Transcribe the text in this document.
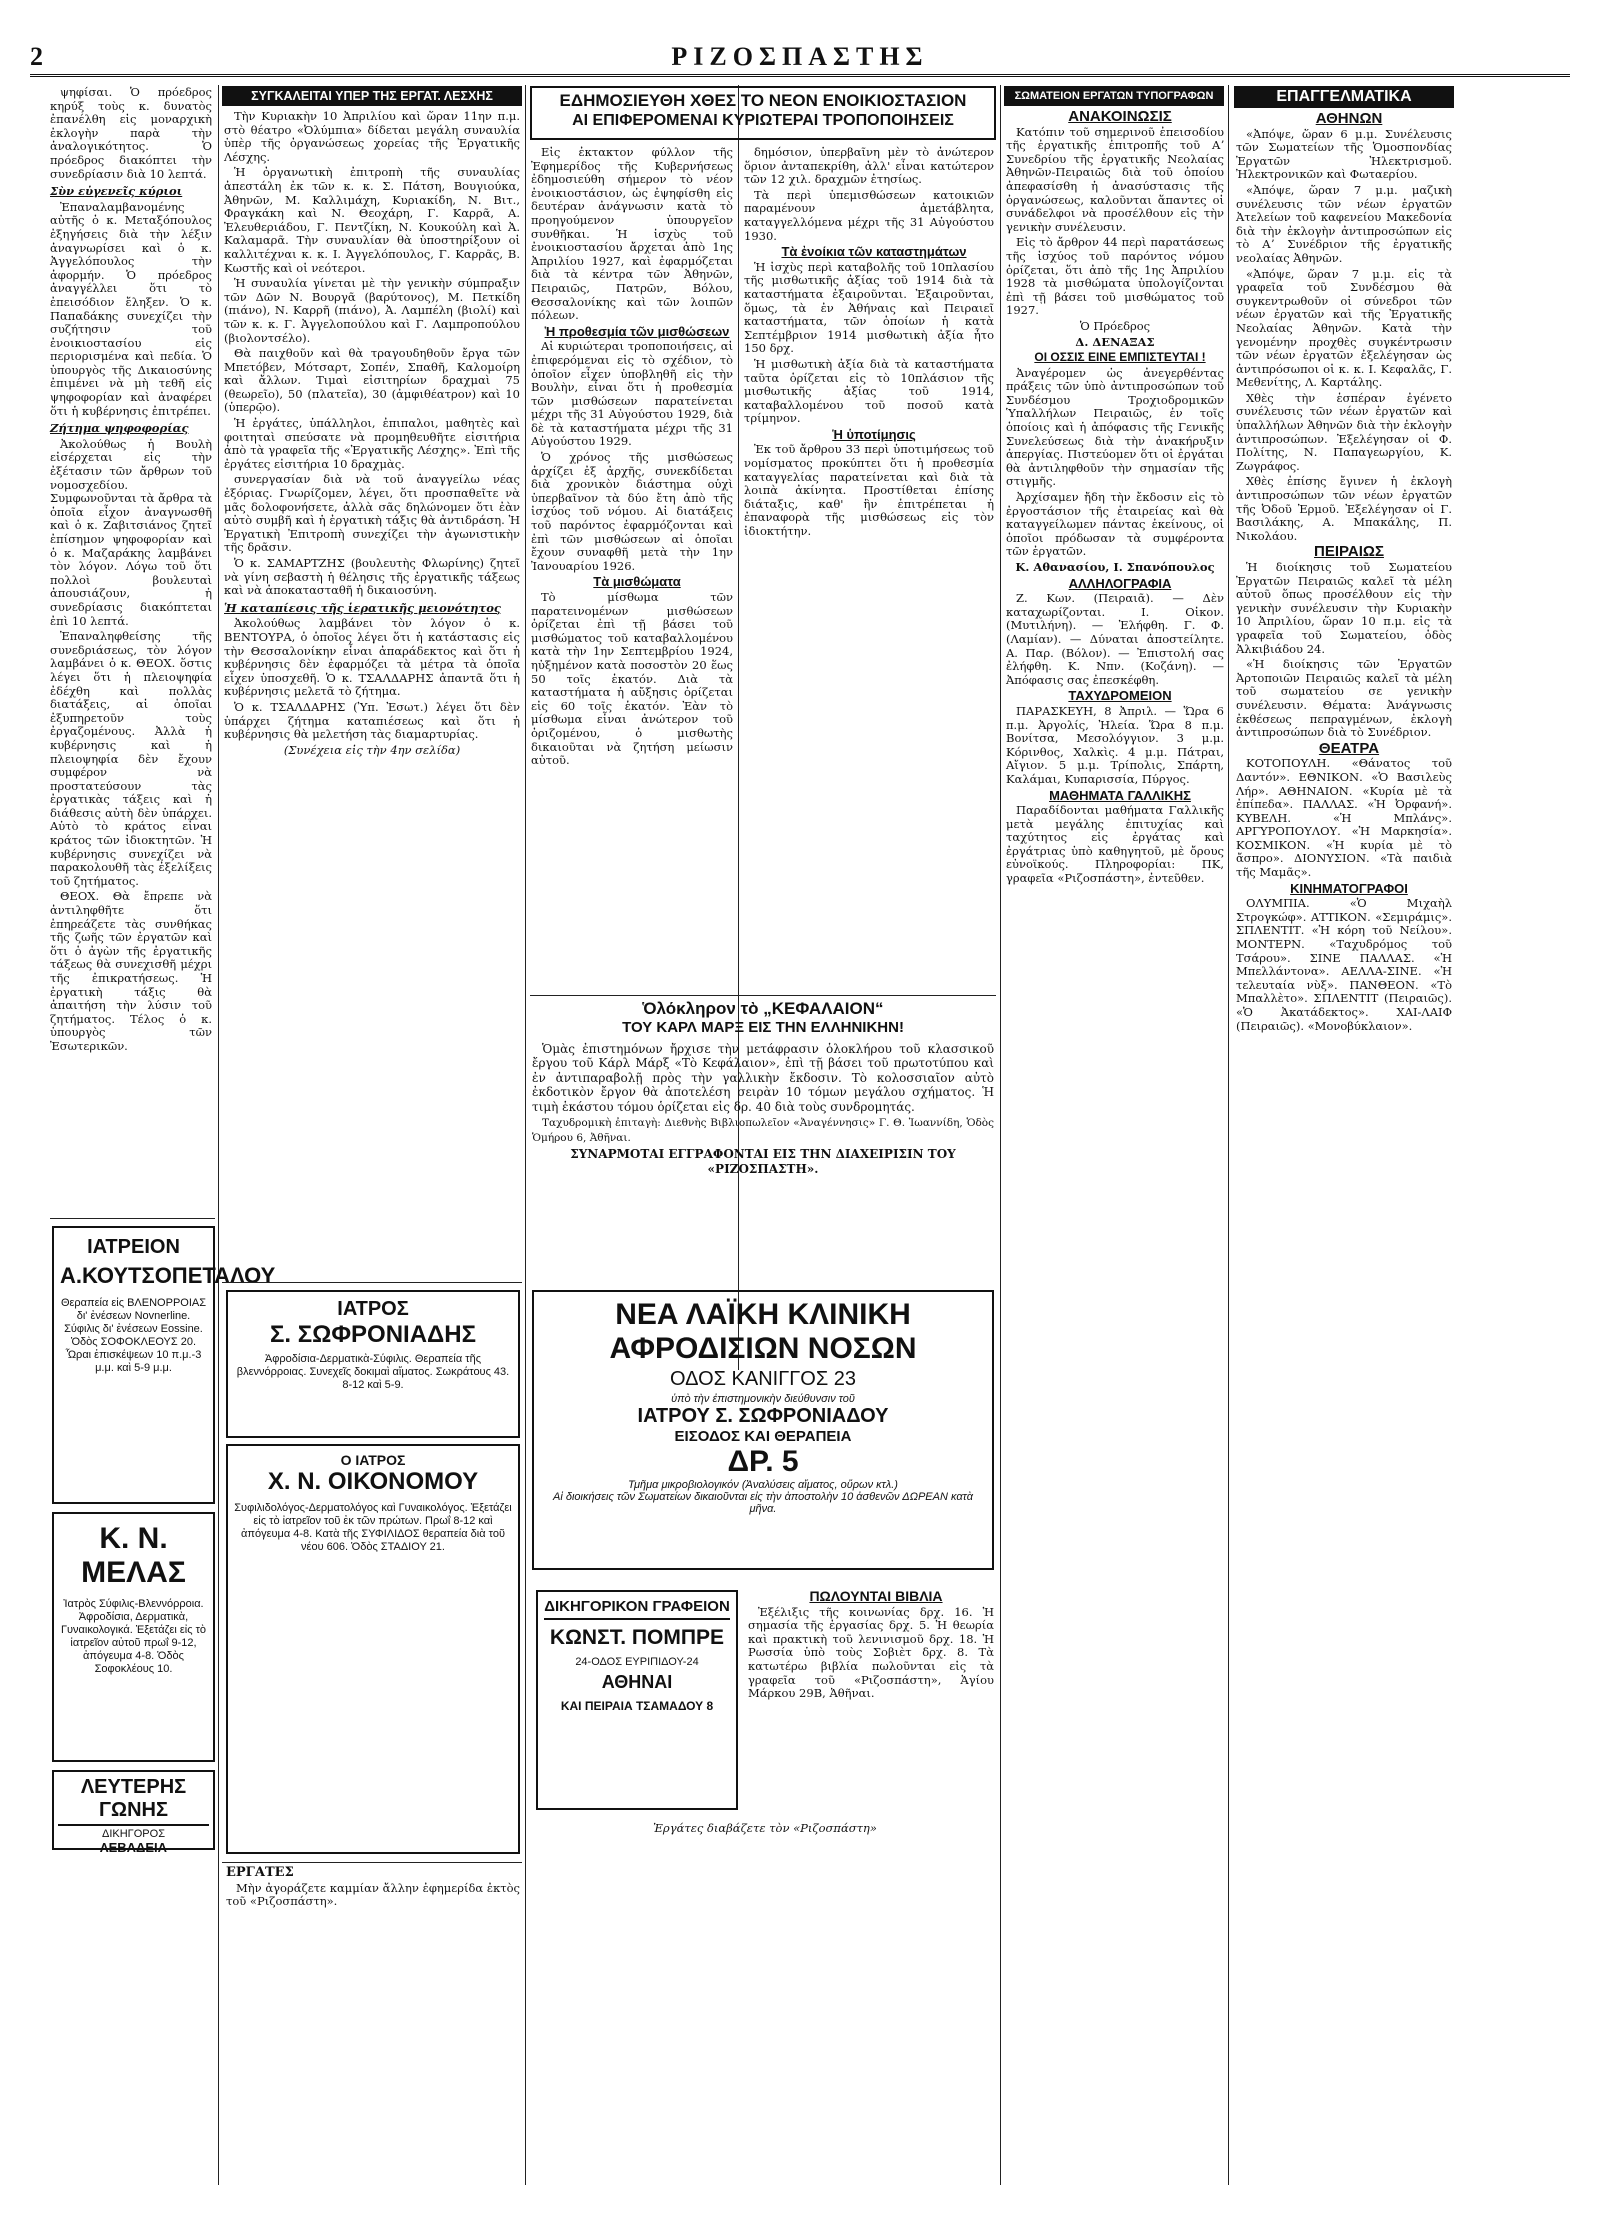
2	ΡΙΖΟΣΠΑΣΤΗΣ

ψηφίσαι. Ὁ πρόεδρος κηρύξ τοὺς κ. δυνατὸς ἐπανέλθη εἰς μοναρχικὴ ἐκλογὴν παρὰ τὴν ἀναλογικότητος. Ὁ πρόεδρος διακόπτει τὴν συνεδρίασιν διὰ 10 λεπτά.

Σὺν εὐγενεῖς κύριοι

Ἐπαναλαμβανομένης αὐτῆς ὁ κ. Μεταξόπουλος ἐξηγήσεις διὰ τὴν λέξιν ἀναγνωρίσει καὶ ὁ κ. Ἀγγελόπουλος τὴν ἀφορμήν. Ὁ πρόεδρος ἀναγγέλλει ὅτι τὸ ἐπεισόδιον ἔληξεν. Ὁ κ. Παπαδάκης συνεχίζει τὴν συζήτησιν τοῦ ἐνοικιοστασίου εἰς περιορισμένα καὶ πεδία. Ὁ ὑπουργὸς τῆς Δικαιοσύνης ἐπιμένει νὰ μὴ τεθῆ εἰς ψηφοφορίαν καὶ ἀναφέρει ὅτι ἡ κυβέρνησις ἐπιτρέπει.

Ζήτημα ψηφοφορίας

Ἀκολούθως ἡ Βουλὴ εἰσέρχεται εἰς τὴν ἐξέτασιν τῶν ἄρθρων τοῦ νομοσχεδίου. Συμφωνοῦνται τὰ ἄρθρα τὰ ὁποῖα εἶχον ἀναγνωσθῆ καὶ ὁ κ. Ζαβιτσιάνος ζητεῖ ἐπίσημον ψηφοφορίαν καὶ ὁ κ. Μαζαράκης λαμβάνει τὸν λόγον. Λόγω τοῦ ὅτι πολλοὶ βουλευταὶ ἀπουσιάζουν, ἡ συνεδρίασις διακόπτεται ἐπὶ 10 λεπτά.

Ἐπαναληφθείσης τῆς συνεδριάσεως, τὸν λόγον λαμβάνει ὁ κ. ΘΕΟΧ. ὅστις λέγει ὅτι ἡ πλειοψηφία ἐδέχθη καὶ πολλὰς διατάξεις, αἱ ὁποῖαι ἐξυπηρετοῦν τοὺς ἐργαζομένους. Ἀλλὰ ἡ κυβέρνησις καὶ ἡ πλειοψηφία δὲν ἔχουν συμφέρον νὰ προστατεύσουν τὰς ἐργατικὰς τάξεις καὶ ἡ διάθεσις αὐτὴ δὲν ὑπάρχει. Αὐτὸ τὸ κράτος εἶναι κράτος τῶν ἰδιοκτητῶν. Ἡ κυβέρνησις συνεχίζει νὰ παρακολουθῆ τὰς ἐξελίξεις τοῦ ζητήματος.

ΘΕΟΧ. Θὰ ἔπρεπε νὰ ἀντιληφθῆτε ὅτι ἐπηρεάζετε τὰς συνθήκας τῆς ζωῆς τῶν ἐργατῶν καὶ ὅτι ὁ ἀγὼν τῆς ἐργατικῆς τάξεως θὰ συνεχισθῆ μέχρι τῆς ἐπικρατήσεως. Ἡ ἐργατικὴ τάξις θὰ ἀπαιτήση τὴν λύσιν τοῦ ζητήματος. Τέλος ὁ κ. ὑπουργὸς τῶν Ἐσωτερικῶν.

ΙΑΤΡΕΙΟΝ
Α.ΚΟΥΤΣΟΠΕΤΑΛΟΥ
Θεραπεία εἰς ΒΛΕΝΟΡΡΟΙΑΣ δι' ἐνέσεων Novnerline. Σύφιλις δι' ἐνέσεων Eossine. Ὁδὸς ΣΟΦΟΚΛΕΟΥΣ 20. Ὧραι ἐπισκέψεων 10 π.μ.-3 μ.μ. καὶ 5-9 μ.μ.
Κ. Ν. ΜΕΛΑΣ
Ἰατρὸς Σύφιλις-Βλεννόρροια. Ἀφροδίσια, Δερματικὰ, Γυναικολογικά. Ἐξετάζει εἰς τὸ ἰατρεῖον αὐτοῦ πρωΐ 9-12, ἀπόγευμα 4-8. Ὁδὸς Σοφοκλέους 10.
ΛΕΥΤΕΡΗΣ ΓΩΝΗΣ
ΔΙΚΗΓΟΡΟΣ
ΛΕΒΑΔΕΙΑ
ΣΥΓΚΑΛΕΙΤΑΙ ΥΠΕΡ ΤΗΣ ΕΡΓΑΤ. ΛΕΣΧΗΣ

Τὴν Κυριακὴν 10 Ἀπριλίου καὶ ὥραν 11ην π.μ. στὸ θέατρο «Ὀλύμπια» δίδεται μεγάλη συναυλία ὑπὲρ τῆς ὀργανώσεως χορείας τῆς Ἐργατικῆς Λέσχης.

Ἡ ὀργανωτικὴ ἐπιτροπὴ τῆς συναυλίας ἀπεστάλη ἐκ τῶν κ. κ. Σ. Πάτση, Βουγιούκα, Ἀθηνῶν, Μ. Καλλιμάχη, Κυριακίδη, Ν. Βιτ., Φραγκάκη καὶ Ν. Θεοχάρη, Γ. Καρρᾶ, Α. Ἐλευθεριάδου, Γ. Πεντζίκη, Ν. Κουκούλη καὶ Ἀ. Καλαμαρᾶ. Τὴν συναυλίαν θὰ ὑποστηρίξουν οἱ καλλιτέχναι κ. κ. Ι. Ἀγγελόπουλος, Γ. Καρρᾶς, Β. Κωστῆς καὶ οἱ νεότεροι.

Ἡ συναυλία γίνεται μὲ τὴν γενικὴν σύμπραξιν τῶν Δῶν Ν. Βουργᾶ (βαρύτονος), Μ. Πετκίδη (πιάνο), Ν. Καρρῆ (πιάνο), Ἀ. Λαμπέλη (βιολί) καὶ τῶν κ. κ. Γ. Ἀγγελοπούλου καὶ Γ. Λαμπροπούλου (βιολοντσέλο).

Θὰ παιχθοῦν καὶ θὰ τραγουδηθοῦν ἔργα τῶν Μπετόβεν, Μότσαρτ, Σοπέν, Σπαθῆ, Καλομοίρη καὶ ἄλλων. Τιμαὶ εἰσιτηρίων δραχμαὶ 75 (θεωρεῖο), 50 (πλατεῖα), 30 (ἀμφιθέατρον) καὶ 10 (ὑπερῷο).

Ἡ ἐργάτες, ὑπάλληλοι, ἐπιπαλοι, μαθητὲς καὶ φοιτηταὶ σπεύσατε νὰ προμηθευθῆτε εἰσιτήρια ἀπὸ τὰ γραφεῖα τῆς «Ἐργατικῆς Λέσχης». Ἐπὶ τῆς ἐργάτες εἰσιτήρια 10 δραχμὰς.

συνεργασίαν διὰ νὰ τοῦ ἀναγγείλω νέας ἐξόριας. Γνωρίζομεν, λέγει, ὅτι προσπαθεῖτε νὰ μᾶς δολοφονήσετε, ἀλλὰ σᾶς δηλώνομεν ὅτι ἐὰν αὐτὸ συμβῆ καὶ ἡ ἐργατικὴ τάξις θὰ ἀντιδράση. Ἡ Ἐργατικὴ Ἐπιτροπὴ συνεχίζει τὴν ἀγωνιστικὴν τῆς δρᾶσιν.

Ὁ κ. ΣΑΜΑΡΤΖΗΣ (βουλευτὴς Φλωρίνης) ζητεῖ νὰ γίνη σεβαστὴ ἡ θέλησις τῆς ἐργατικῆς τάξεως καὶ νὰ ἀποκατασταθῆ ἡ δικαιοσύνη.

Ἡ καταπίεσις τῆς ἱερατικῆς μειονότητος

Ἀκολούθως λαμβάνει τὸν λόγον ὁ κ. ΒΕΝΤΟΥΡΑ, ὁ ὁποῖος λέγει ὅτι ἡ κατάστασις εἰς τὴν Θεσσαλονίκην εἶναι ἀπαράδεκτος καὶ ὅτι ἡ κυβέρνησις δὲν ἐφαρμόζει τὰ μέτρα τὰ ὁποῖα εἶχεν ὑποσχεθῆ. Ὁ κ. ΤΣΑΛΔΑΡΗΣ ἀπαντᾶ ὅτι ἡ κυβέρνησις μελετᾶ τὸ ζήτημα.

Ὁ κ. ΤΣΑΛΔΑΡΗΣ (Ὑπ. Ἐσωτ.) λέγει ὅτι δὲν ὑπάρχει ζήτημα καταπιέσεως καὶ ὅτι ἡ κυβέρνησις θὰ μελετήση τὰς διαμαρτυρίας.

(Συνέχεια εἰς τὴν 4ην σελίδα)

ΙΑΤΡΟΣ
Σ. ΣΩΦΡΟΝΙΑΔΗΣ
Ἀφροδίσια-Δερματικὰ-Σύφιλις. Θεραπεία τῆς βλεννόρροιας. Συνεχεῖς δοκιμαὶ αἵματος. Σωκράτους 43. 8-12 καὶ 5-9.
Ο ΙΑΤΡΟΣ
Χ. Ν. ΟΙΚΟΝΟΜΟΥ
Συφιλιδολόγος-Δερματολόγος καὶ Γυναικολόγος. Ἐξετάζει εἰς τὸ ἰατρεῖον τοῦ ἐκ τῶν πρώτων. Πρωΐ 8-12 καὶ ἀπόγευμα 4-8. Κατὰ τῆς ΣΥΦΙΛΙΔΟΣ θεραπεία διὰ τοῦ νέου 606. Ὁδὸς ΣΤΑΔΙΟΥ 21.

ΕΡΓΑΤΕΣ

Μὴν ἀγοράζετε καμμίαν ἄλλην ἐφημερίδα ἐκτὸς τοῦ «Ριζοσπάστη».

ΕΔΗΜΟΣΙΕΥΘΗ ΧΘΕΣ ΤΟ ΝΕΟΝ ΕΝΟΙΚΙΟΣΤΑΣΙΟΝ
ΑΙ ΕΠΙΦΕΡΟΜΕΝΑΙ ΚΥΡΙΩΤΕΡΑΙ ΤΡΟΠΟΠΟΙΗΣΕΙΣ

Εἰς ἐκτακτον φύλλον τῆς Ἐφημερίδος τῆς Κυβερνήσεως ἐδημοσιεύθη σήμερον τὸ νέον ἐνοικιοστάσιον, ὡς ἐψηφίσθη εἰς δευτέραν ἀνάγνωσιν κατὰ τὸ προηγούμενον ὑπουργεῖον συνθῆκαι. Ἡ ἰσχὺς τοῦ ἐνοικιοστασίου ἄρχεται ἀπὸ 1ης Ἀπριλίου 1927, καὶ ἐφαρμόζεται διὰ τὰ κέντρα τῶν Ἀθηνῶν, Πειραιῶς, Πατρῶν, Βόλου, Θεσσαλονίκης καὶ τῶν λοιπῶν πόλεων.

Ἡ προθεσμία τῶν μισθώσεων

Αἱ κυριώτεραι τροποποιήσεις, αἱ ἐπιφερόμεναι εἰς τὸ σχέδιον, τὸ ὁποῖον εἶχεν ὑποβληθῆ εἰς τὴν Βουλὴν, εἶναι ὅτι ἡ προθεσμία τῶν μισθώσεων παρατείνεται μέχρι τῆς 31 Αὐγούστου 1929, διὰ δὲ τὰ καταστήματα μέχρι τῆς 31 Αὐγούστου 1929.

Ὁ χρόνος τῆς μισθώσεως ἀρχίζει ἐξ ἀρχῆς, συνεκδίδεται διὰ χρονικὸν διάστημα οὐχὶ ὑπερβαῖνον τὰ δύο ἔτη ἀπὸ τῆς ἰσχύος τοῦ νόμου. Αἱ διατάξεις τοῦ παρόντος ἐφαρμόζονται καὶ ἐπὶ τῶν μισθώσεων αἱ ὁποῖαι ἔχουν συναφθῆ μετὰ τὴν 1ην Ἰανουαρίου 1926.

Τὰ μισθώματα

Τὸ μίσθωμα τῶν παρατεινομένων μισθώσεων ὁρίζεται ἐπὶ τῇ βάσει τοῦ μισθώματος τοῦ καταβαλλομένου κατὰ τὴν 1ην Σεπτεμβρίου 1924, ηὐξημένον κατὰ ποσοστὸν 20 ἕως 50 τοῖς ἑκατόν. Διὰ τὰ καταστήματα ἡ αὔξησις ὁρίζεται εἰς 60 τοῖς ἑκατόν. Ἐὰν τὸ μίσθωμα εἶναι ἀνώτερον τοῦ ὁριζομένου, ὁ μισθωτὴς δικαιοῦται νὰ ζητήση μείωσιν αὐτοῦ.

δημόσιον, ὑπερβαῖνη μὲν τὸ ἀνώτερον ὅριον ἀνταπεκρίθη, ἀλλ' εἶναι κατώτερον τῶν 12 χιλ. δραχμῶν ἐτησίως.

Τὰ περὶ ὑπεμισθώσεων κατοικιῶν παραμένουν ἀμετάβλητα, καταγγελλόμενα μέχρι τῆς 31 Αὐγούστου 1930.

Τὰ ἐνοίκια τῶν καταστημάτων

Ἡ ἰσχὺς περὶ καταβολῆς τοῦ 10πλασίου τῆς μισθωτικῆς ἀξίας τοῦ 1914 διὰ τὰ καταστήματα ἐξαιροῦνται. Ἐξαιροῦνται, ὅμως, τὰ ἐν Ἀθήναις καὶ Πειραιεῖ καταστήματα, τῶν ὁποίων ἡ κατὰ Σεπτέμβριον 1914 μισθωτικὴ ἀξία ἦτο 150 δρχ.

Ἡ μισθωτικὴ ἀξία διὰ τὰ καταστήματα ταῦτα ὁρίζεται εἰς τὸ 10πλάσιον τῆς μισθωτικῆς ἀξίας τοῦ 1914, καταβαλλομένου τοῦ ποσοῦ κατὰ τρίμηνον.

Ἡ ὑποτίμησις

Ἐκ τοῦ ἄρθρου 33 περὶ ὑποτιμήσεως τοῦ νομίσματος προκύπτει ὅτι ἡ προθεσμία καταγγελίας παρατείνεται καὶ διὰ τὰ λοιπὰ ἀκίνητα. Προστίθεται ἐπίσης διάταξις, καθ' ἣν ἐπιτρέπεται ἡ ἐπαναφορὰ τῆς μισθώσεως εἰς τὸν ἰδιοκτήτην.

Ὁλόκληρον τὸ „ΚΕΦΑΛΑΙΟΝ“
ΤΟΥ ΚΑΡΛ ΜΑΡΞ ΕΙΣ ΤΗΝ ΕΛΛΗΝΙΚΗΝ!

Ὁμὰς ἐπιστημόνων ἤρχισε τὴν μετάφρασιν ὁλοκλήρου τοῦ κλασσικοῦ ἔργου τοῦ Κάρλ Μάρξ «Τὸ Κεφάλαιον», ἐπὶ τῇ βάσει τοῦ πρωτοτύπου καὶ ἐν ἀντιπαραβολῇ πρὸς τὴν γαλλικὴν ἔκδοσιν. Τὸ κολοσσιαῖον αὐτὸ ἐκδοτικὸν ἔργον θὰ ἀποτελέση σειρὰν 10 τόμων μεγάλου σχήματος. Ἡ τιμὴ ἑκάστου τόμου ὁρίζεται εἰς δρ. 40 διὰ τοὺς συνδρομητάς.

Ταχυδρομικὴ ἐπιταγὴ: Διεθνὴς Βιβλιοπωλεῖον «Ἀναγέννησις» Γ. Θ. Ἰωαννίδη, Ὁδὸς Ὁμήρου 6, Ἀθῆναι.

ΣΥΝΑΡΜΟΤΑΙ ΕΓΓΡΑΦΟΝΤΑΙ ΕΙΣ ΤΗΝ ΔΙΑΧΕΙΡΙΣΙΝ ΤΟΥ «ΡΙΖΟΣΠΑΣΤΗ».

ΝΕΑ ΛΑΪΚΗ ΚΛΙΝΙΚΗ
ΑΦΡΟΔΙΣΙΩΝ ΝΟΣΩΝ
ΟΔΟΣ ΚΑΝΙΓΓΟΣ 23
ὑπὸ τὴν ἐπιστημονικὴν διεύθυνσιν τοῦ
ΙΑΤΡΟΥ Σ. ΣΩΦΡΟΝΙΑΔΟΥ
ΕΙΣΟΔΟΣ ΚΑΙ ΘΕΡΑΠΕΙΑ
ΔΡ. 5
Τμῆμα μικροβιολογικόν (Ἀναλύσεις αἵματος, οὔρων κτλ.)
Αἱ διοικήσεις τῶν Σωματείων δικαιοῦνται εἰς τὴν ἀποστολὴν 10 ἀσθενῶν ΔΩΡΕΑΝ κατὰ μῆνα.
ΔΙΚΗΓΟΡΙΚΟΝ ΓΡΑΦΕΙΟΝ
ΚΩΝΣΤ. ΠΟΜΠΡΕ
24-ΟΔΟΣ ΕΥΡΙΠΙΔΟΥ-24
ΑΘΗΝΑΙ
ΚΑΙ ΠΕΙΡΑΙΑ ΤΣΑΜΑΔΟΥ 8

ΠΩΛΟΥΝΤΑΙ ΒΙΒΛΙΑ

Ἐξέλιξις τῆς κοινωνίας δρχ. 16. Ἡ σημασία τῆς ἐργασίας δρχ. 5. Ἡ θεωρία καὶ πρακτικὴ τοῦ λενινισμοῦ δρχ. 18. Ἡ Ρωσσία ὑπὸ τοὺς Σοβιὲτ δρχ. 8. Τὰ κατωτέρω βιβλία πωλοῦνται εἰς τὰ γραφεῖα τοῦ «Ριζοσπάστη», Ἁγίου Μάρκου 29Β, Ἀθῆναι.

Ἐργάτες διαβάζετε τὸν «Ριζοσπάστη»

ΣΩΜΑΤΕΙΟΝ ΕΡΓΑΤΩΝ ΤΥΠΟΓΡΑΦΩΝ

ΑΝΑΚΟΙΝΩΣΙΣ

Κατόπιν τοῦ σημερινοῦ ἐπεισοδίου τῆς ἐργατικῆς ἐπιτροπῆς τοῦ Αʼ Συνεδρίου τῆς ἐργατικῆς Νεολαίας Ἀθηνῶν-Πειραιῶς διὰ τοῦ ὁποίου ἀπεφασίσθη ἡ ἀνασύστασις τῆς ὀργανώσεως, καλοῦνται ἅπαντες οἱ συνάδελφοι νὰ προσέλθουν εἰς τὴν γενικὴν συνέλευσιν.

Εἰς τὸ ἄρθρον 44 περὶ παρατάσεως τῆς ἰσχύος τοῦ παρόντος νόμου ὁρίζεται, ὅτι ἀπὸ τῆς 1ης Ἀπριλίου 1928 τὰ μισθώματα ὑπολογίζονται ἐπὶ τῇ βάσει τοῦ μισθώματος τοῦ 1927.

Ὁ Πρόεδρος

Δ. ΔΕΝΑΞΑΣ

ΟΙ ΟΣΣΙΣ ΕΙΝΕ ΕΜΠΙΣΤΕΥΤΑΙ !

Ἀναγέρομεν ὡς ἀνεγερθέντας πράξεις τῶν ὑπὸ ἀντιπροσώπων τοῦ Συνδέσμου Τροχιοδρομικῶν Ὑπαλλήλων Πειραιῶς, ἐν τοῖς ὁποίοις καὶ ἡ ἀπόφασις τῆς Γενικῆς Συνελεύσεως διὰ τὴν ἀνακήρυξιν ἀπεργίας. Πιστεύομεν ὅτι οἱ ἐργάται θὰ ἀντιληφθοῦν τὴν σημασίαν τῆς στιγμῆς.

Ἀρχίσαμεν ἤδη τὴν ἔκδοσιν εἰς τὸ ἐργοστάσιον τῆς ἐταιρείας καὶ θὰ καταγγείλωμεν πάντας ἐκείνους, οἱ ὁποῖοι πρόδωσαν τὰ συμφέροντα τῶν ἐργατῶν.

Κ. Αθανασίου, Ι. Σπανόπουλος

ΑΛΛΗΛΟΓΡΑΦΙΑ

Ζ. Κων. (Πειραιᾶ). — Δὲν καταχωρίζονται. Ι. Οἰκον. (Μυτιλήνη). — Ἐλήφθη. Γ. Φ. (Λαμίαν). — Δύναται ἀποστείλητε. Α. Παρ. (Βόλον). — Ἐπιστολή σας ἐλήφθη. Κ. Νπν. (Κοζάνη). — Ἀπόφασις σας ἐπεσκέφθη.

ΤΑΧΥΔΡΟΜΕΙΟΝ

ΠΑΡΑΣΚΕΥΗ, 8 Ἀπριλ. — Ὥρα 6 π.μ. Ἀργολίς, Ἠλεία. Ὥρα 8 π.μ. Βονίτσα, Μεσολόγγιον. 3 μ.μ. Κόρινθος, Χαλκὶς. 4 μ.μ. Πάτραι, Αἴγιον. 5 μ.μ. Τρίπολις, Σπάρτη, Καλάμαι, Κυπαρισσία, Πύργος.

ΜΑΘΗΜΑΤΑ ΓΑΛΛΙΚΗΣ

Παραδίδονται μαθήματα Γαλλικῆς μετὰ μεγάλης ἐπιτυχίας καὶ ταχύτητος εἰς ἐργάτας καὶ ἐργάτριας ὑπὸ καθηγητοῦ, μὲ ὄρους εὐνοϊκούς. Πληροφορίαι: ΠΚ, γραφεῖα «Ριζοσπάστη», ἐντεῦθεν.

ΕΠΑΓΓΕΛΜΑΤΙΚΑ

ΑΘΗΝΩΝ

«Ἀπόψε, ὥραν 6 μ.μ. Συνέλευσις τῶν Σωματείων τῆς Ὁμοσπονδίας Ἐργατῶν Ἠλεκτρισμοῦ. Ἠλεκτρονικῶν καὶ Φωταερίου.

«Ἀπόψε, ὥραν 7 μ.μ. μαζικὴ συνέλευσις τῶν νέων ἐργατῶν Ἀτελείων τοῦ καφενείου Μακεδονία διὰ τὴν ἐκλογὴν ἀντιπροσώπων εἰς τὸ Αʼ Συνέδριον τῆς ἐργατικῆς νεολαίας Ἀθηνῶν.

«Ἀπόψε, ὥραν 7 μ.μ. εἰς τὰ γραφεῖα τοῦ Συνδέσμου θὰ συγκεντρωθοῦν οἱ σύνεδροι τῶν νέων ἐργατῶν καὶ τῆς Ἐργατικῆς Νεολαίας Ἀθηνῶν. Κατὰ τὴν γενομένην προχθὲς συγκέντρωσιν τῶν νέων ἐργατῶν ἐξελέγησαν ὡς ἀντιπρόσωποι οἱ κ. κ. Ι. Κεφαλᾶς, Γ. Μεθενίτης, Λ. Καρτάλης.

Χθὲς τὴν ἑσπέραν ἐγένετο συνέλευσις τῶν νέων ἐργατῶν καὶ ὑπαλλήλων Ἀθηνῶν διὰ τὴν ἐκλογὴν ἀντιπροσώπων. Ἐξελέγησαν οἱ Φ. Πολίτης, Ν. Παπαγεωργίου, Κ. Ζωγράφος.

Χθὲς ἐπίσης ἔγινεν ἡ ἐκλογὴ ἀντιπροσώπων τῶν νέων ἐργατῶν τῆς Ὀδοῦ Ἐρμοῦ. Ἐξελέγησαν οἱ Γ. Βασιλάκης, Α. Μπακάλης, Π. Νικολάου.

ΠΕΙΡΑΙΩΣ

Ἡ διοίκησις τοῦ Σωματείου Ἐργατῶν Πειραιῶς καλεῖ τὰ μέλη αὐτοῦ ὅπως προσέλθουν εἰς τὴν γενικὴν συνέλευσιν τὴν Κυριακὴν 10 Ἀπριλίου, ὥραν 10 π.μ. εἰς τὰ γραφεῖα τοῦ Σωματείου, ὁδὸς Ἀλκιβιάδου 24.

«Ἡ διοίκησις τῶν Ἐργατῶν Ἀρτοποιῶν Πειραιῶς καλεῖ τὰ μέλη τοῦ σωματείου σε γενικὴν συνέλευσιν. Θέματα: Ἀνάγνωσις ἐκθέσεως πεπραγμένων, ἐκλογὴ ἀντιπροσώπων διὰ τὸ Συνέδριον.

ΘΕΑΤΡΑ

ΚΟΤΟΠΟΥΛΗ. «Θάνατος τοῦ Δαντόν». ΕΘΝΙΚΟΝ. «Ὁ Βασιλεὺς Λήρ». ΑΘΗΝΑΙΟΝ. «Κυρία μὲ τὰ ἐπίπεδα». ΠΑΛΛΑΣ. «Ἡ Ὀρφανή». ΚΥΒΕΛΗ. «Ἡ Μπλάνς». ΑΡΓΥΡΟΠΟΥΛΟΥ. «Ἡ Μαρκησία». ΚΟΣΜΙΚΟΝ. «Ἡ κυρία μὲ τὸ ἄσπρο». ΔΙΟΝΥΣΙΟΝ. «Τὰ παιδιὰ τῆς Μαμᾶς».

ΚΙΝΗΜΑΤΟΓΡΑΦΟΙ

ΟΛΥΜΠΙΑ. «Ὁ Μιχαὴλ Στρογκώφ». ΑΤΤΙΚΟΝ. «Σεμιράμις». ΣΠΛΕΝΤΙΤ. «Ἡ κόρη τοῦ Νείλου». ΜΟΝΤΕΡΝ. «Ταχυδρόμος τοῦ Τσάρου». ΣΙΝΕ ΠΑΛΛΑΣ. «Ἡ Μπελλάντονα». ΑΕΛΛΑ-ΣΙΝΕ. «Ἡ τελευταία νὺξ». ΠΑΝΘΕΟΝ. «Τὸ Μπαλλὲτο». ΣΠΛΕΝΤΙΤ (Πειραιῶς). «Ὁ Ἀκατάδεκτος». ΧΑΙ-ΛΑΙΦ (Πειραιῶς). «Μονοβύκλαιον».
